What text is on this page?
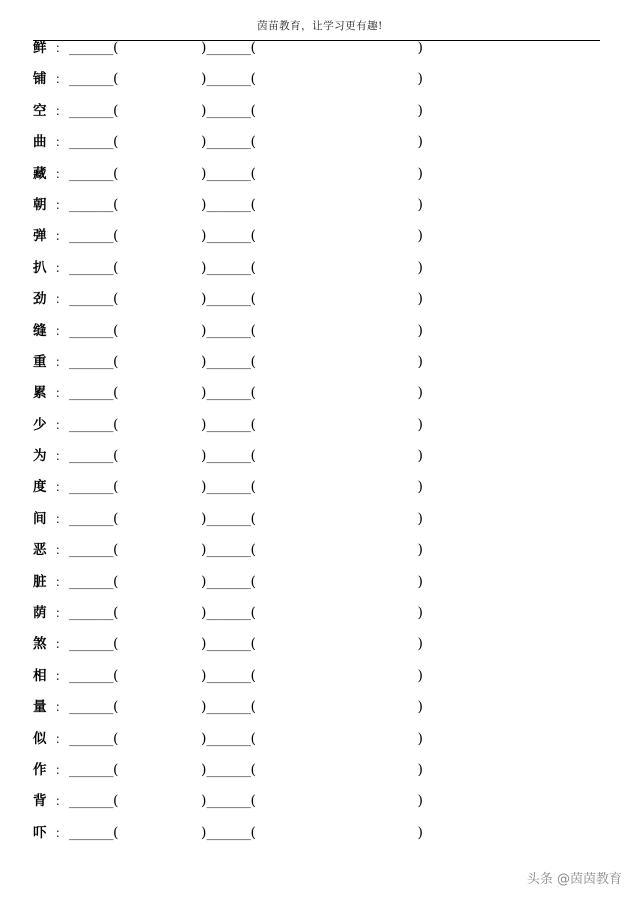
茵苗教育，让学习更有趣!
鲜 ： ______ (	) ______ (	)
铺 ： ______ (	) ______ (	)
空 ： ______ (	) ______ (	)
曲 ： ______ (	) ______ (	)
藏 ： ______ (	) ______ (	)
朝 ： ______ (	) ______ (	)
弹 ： ______ (	) ______ (	)
扒 ： ______ (	) ______ (	)
劲 ： ______ (	) ______ (	)
缝 ： ______ (	) ______ (	)
重 ： ______ (	) ______ (	)
累 ： ______ (	) ______ (	)
少 ： ______ (	) ______ (	)
为 ： ______ (	) ______ (	)
度 ： ______ (	) ______ (	)
间 ： ______ (	) ______ (	)
恶 ： ______ (	) ______ (	)
脏 ： ______ (	) ______ (	)
荫 ： ______ (	) ______ (	)
煞 ： ______ (	) ______ (	)
相 ： ______ (	) ______ (	)
量 ： ______ (	) ______ (	)
似 ： ______ (	) ______ (	)
作 ： ______ (	) ______ (	)
背 ： ______ (	) ______ (	)
吓 ： ______ (	) ______ (	)
头条 @茵茵教育
